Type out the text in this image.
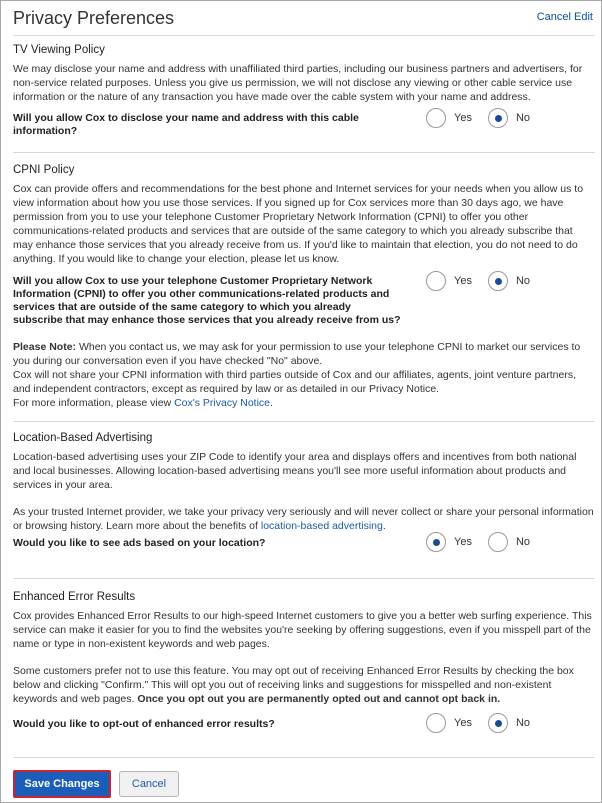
Privacy Preferences	Cancel Edit
TV Viewing Policy
We may disclose your name and address with unaffiliated third parties, including our business partners and advertisers, for non-service related purposes. Unless you give us permission, we will not disclose any viewing or other cable service use information or the nature of any transaction you have made over the cable system with your name and address.
Will you allow Cox to disclose your name and address with this cable information?
Yes	No
CPNI Policy
Cox can provide offers and recommendations for the best phone and Internet services for your needs when you allow us to view information about how you use those services. If you signed up for Cox services more than 30 days ago, we have permission from you to use your telephone Customer Proprietary Network Information (CPNI) to offer you other communications-related products and services that are outside of the same category to which you already subscribe that may enhance those services that you already receive from us. If you'd like to maintain that election, you do not need to do anything. If you would like to change your election, please let us know.
Will you allow Cox to use your telephone Customer Proprietary Network Information (CPNI) to offer you other communications-related products and services that are outside of the same category to which you already subscribe that may enhance those services that you already receive from us?
Yes	No
Please Note: When you contact us, we may ask for your permission to use your telephone CPNI to market our services to you during our conversation even if you have checked "No" above.
Cox will not share your CPNI information with third parties outside of Cox and our affiliates, agents, joint venture partners, and independent contractors, except as required by law or as detailed in our Privacy Notice.
For more information, please view Cox's Privacy Notice.
Location-Based Advertising
Location-based advertising uses your ZIP Code to identify your area and displays offers and incentives from both national and local businesses. Allowing location-based advertising means you'll see more useful information about products and services in your area.
As your trusted Internet provider, we take your privacy very seriously and will never collect or share your personal information or browsing history. Learn more about the benefits of location-based advertising.
Would you like to see ads based on your location?	Yes	No
Enhanced Error Results
Cox provides Enhanced Error Results to our high-speed Internet customers to give you a better web surfing experience. This service can make it easier for you to find the websites you're seeking by offering suggestions, even if you misspell part of the name or type in non-existent keywords and web pages.
Some customers prefer not to use this feature. You may opt out of receiving Enhanced Error Results by checking the box below and clicking "Confirm." This will opt you out of receiving links and suggestions for misspelled and non-existent keywords and web pages. Once you opt out you are permanently opted out and cannot opt back in.
Would you like to opt-out of enhanced error results?	Yes	No
Save Changes	Cancel
